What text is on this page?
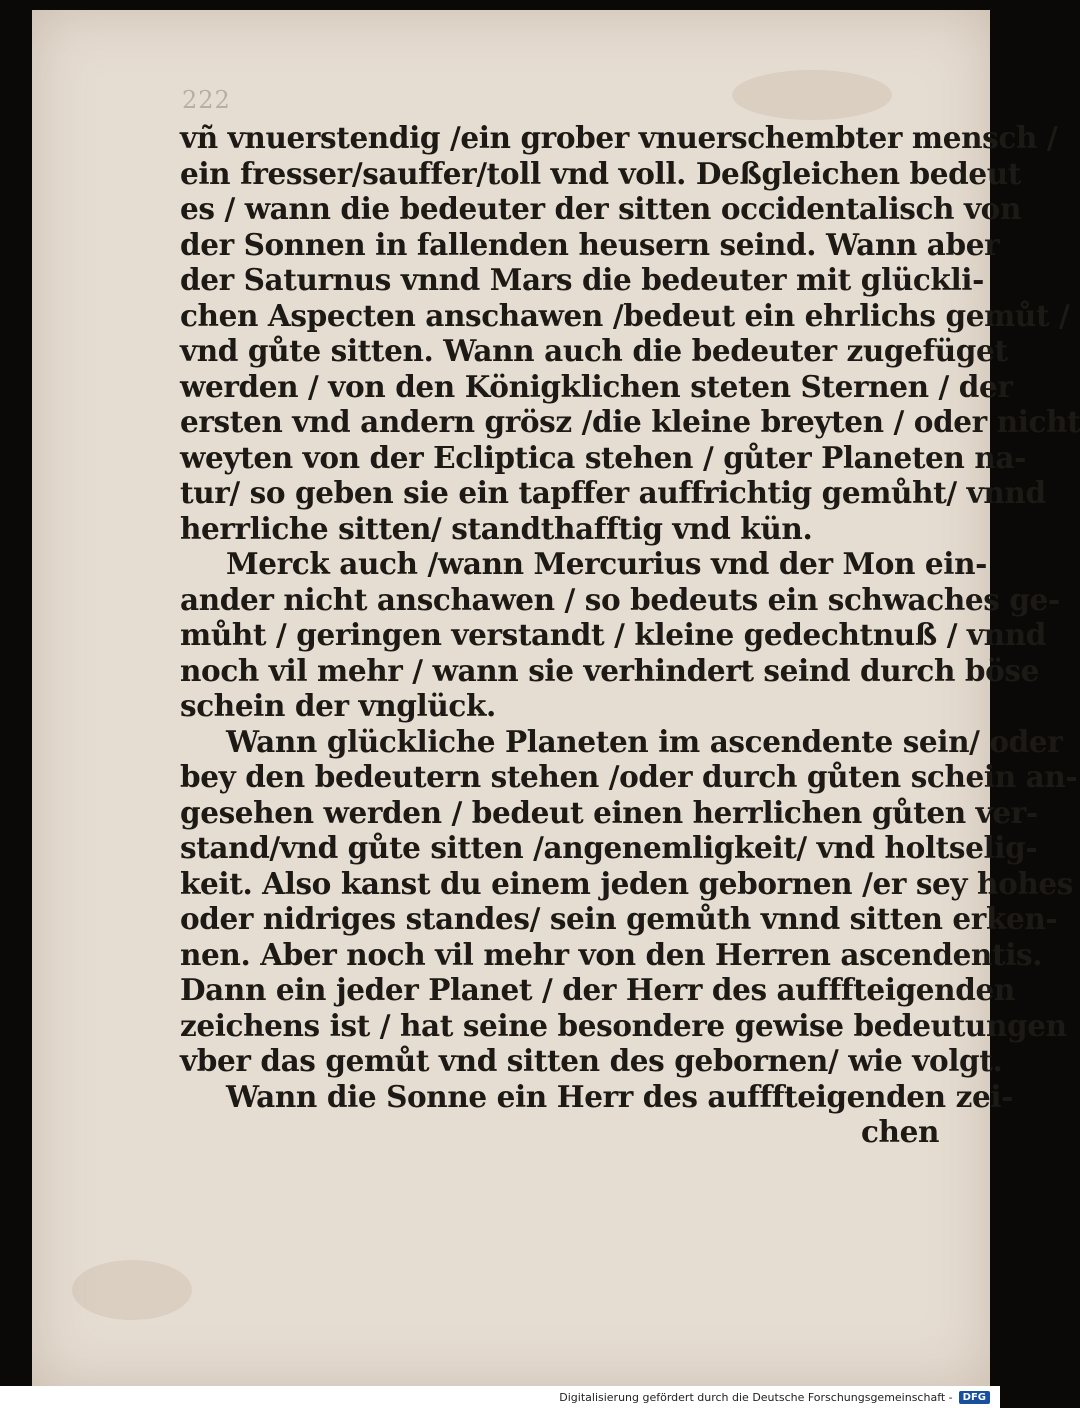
222
vñ vnuerstendig /ein grober vnuerschembter mensch /
ein fresser/sauffer/toll vnd voll. Deßgleichen bedeut
es / wann die bedeuter der sitten occidentalisch von
der Sonnen in fallenden heusern seind. Wann aber
der Saturnus vnnd Mars die bedeuter mit glückli-
chen Aspecten anschawen /bedeut ein ehrlichs gemůt /
vnd gůte sitten. Wann auch die bedeuter zugefüget
werden / von den Königklichen steten Sternen / der
ersten vnd andern grösz /die kleine breyten / oder nicht
weyten von der Ecliptica stehen / gůter Planeten na-
tur/ so geben sie ein tapffer auffrichtig gemůht/ vnnd
herrliche sitten/ standthafftig vnd kün.
Merck auch /wann Mercurius vnd der Mon ein-
ander nicht anschawen / so bedeuts ein schwaches ge-
můht / geringen verstandt / kleine gedechtnuß / vnnd
noch vil mehr / wann sie verhindert seind durch böse
schein der vnglück.
Wann glückliche Planeten im ascendente sein/ oder
bey den bedeutern stehen /oder durch gůten schein an-
gesehen werden / bedeut einen herrlichen gůten ver-
stand/vnd gůte sitten /angenemligkeit/ vnd holtselig-
keit. Also kanst du einem jeden gebornen /er sey hohes
oder nidriges standes/ sein gemůth vnnd sitten erken-
nen. Aber noch vil mehr von den Herren ascendentis.
Dann ein jeder Planet / der Herr des aufffteigenden
zeichens ist / hat seine besondere gewise bedeutungen
vber das gemůt vnd sitten des gebornen/ wie volgt.
Wann die Sonne ein Herr des aufffteigenden zei-
chen
Digitalisierung gefördert durch die Deutsche Forschungsgemeinschaft -	DFG
